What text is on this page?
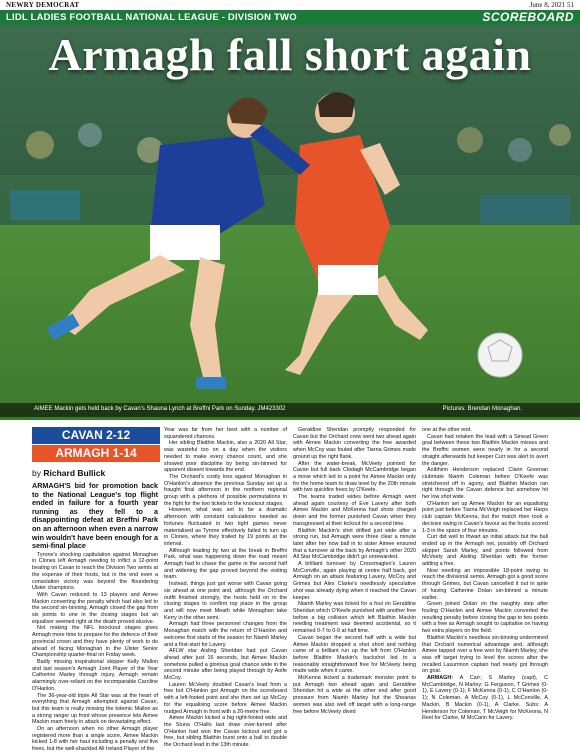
NEWRY DEMOCRAT	June 8, 2021 51
LIDL LADIES FOOTBALL NATIONAL LEAGUE - DIVISION TWO	SCOREBOARD
Armagh fall short again
AIMEE Mackin gets held back by Cavan's Shauna Lynch at Breffni Park on Sunday. JM423302	Pictures: Brendan Monaghan.
CAVAN 2-12
ARMAGH 1-14
by Richard Bullick

ARMAGH'S bid for promotion back to the National League's top flight ended in failure for a fourth year running as they fell to a disappointing defeat at Breffni Park on an afternoon when even a narrow win wouldn't have been enough for a semi-final place

Tyrone's shocking capitulation against Monaghan in Clones left Armagh needing to inflict a 12-point beating on Cavan to reach the Division Two semis at the expense of their hosts, but in the end even a consolation victory was beyond the floundering Ulster champions.

With Cavan reduced to 13 players and Aimee Mackin converting the penalty which had also led to the second sin-binning, Armagh closed the gap from six points to one in the closing stages but an equaliser seemed right at the death proved elusive.

Not making the NFL knockout stages gives Armagh more time to prepare for the defence of their provincial crown and they have plenty of work to do ahead of facing Monaghan in the Ulster Senior Championship quarter-final on Friday week.

Badly missing inspirational skipper Kelly Mallon and last season's Armagh Joint Player of the Year Catherine Marley through injury, Armagh remain alarmingly over-reliant on the incomparable Caroline O'Hanlon.

The 36-year-old triple All Star was at the heart of everything that Armagh attempted against Cavan, but this team is really missing the totemic Mallon as a strong ranger up front whose presence lets Aimee Mackin roam freely in attack on devastating effect.

On an afternoon when no other Armagh player registered more than a single score, Aimee Mackin kicked 1-8 with her haul including a penalty and five frees, but the well-shackled All Ireland Player of the

Year was far from her best with a number of squandered chances.

Her sibling Blaithin Mackin, also a 2020 All Star, was wasteful too on a day when the visitors needed to make every chance count, and she showed poor discipline by being sin-binned for apparent dissent towards the end.

The Orchard's costly loss against Monaghan in O'Hanlon's absence the previous Sunday set up a fraught final afternoon in the northern regional group with a plethora of possible permutations in the fight for the two tickets to the knockout stages.

However, what was set to be a dramatic afternoon with constant calculations needed as fortunes fluctuated in two tight games never materialised as Tyrone effectively failed to turn up in Clones, where they trailed by 19 points at the interval.

Although leading by two at the break in Breffni Park, what was happening down the road meant Armagh had to chase the game in the second half and widening the gap proved beyond the visiting team.

Instead, things just got worse with Cavan going six ahead at one point and, although the Orchard outfit finished strongly, the hosts held on in the closing stages to confirm top place in the group and will now meet Meath while Monaghan take Kerry in the other semi.

Armagh had three personnel changes from the Monaghan match with the return of O'Hanlon and welcome first starts of the season for Niamh Marley and a first-start for Lavery.

AFLW star Aisling Sheridan had put Cavan ahead after just 16 seconds, but Aimee Mackin somehow pulled a glorious goal chance wide in the second minute after being played through by Aoife McCoy.

Lauren McVeety doubled Cavan's lead from a free but O'Hanlon got Armagh on the scoreboard with a left-footed point and she then set up McCoy for the equalising score before Aimee Mackin nudged Armagh in front with a 20-metre free.

Aimee Mackin kicked a big right-footed wide and the Stuna O'Hallo last draw over-turned after O'Hanlon had won the Cavan kickout and got a free, but sibling Blaithin burst onto a ball to double the Orchard lead in the 13th minute.

Geraldine Sheridan promptly responded for Cavan but the Orchard crew went two ahead again with Aimee Mackin converting the free awarded when McCoy was fouled after Tiarna Grimes made ground up the right flank.

After the water-break, McVeety pointed for Cavan but full back Clodagh McCambridge began a move which led to a point for Aimee Mackin only for the home team to draw level by the 20th minute with two quickfire frees by O'Keefe.

The teams traded wides before Armagh went ahead again courtesy of Eve Lavery after both Aimee Mackin and McKenna had shots charged down and the former punished Cavan when they transgressed at their kickout for a second time.

Blaithin Mackin's shot drifted just wide after a strong run, but Armagh were three clear a minute later after her now ball in to sister Aimee ensured that a turnover at the back by Armagh's other 2020 All Star McCambridge didn't go unrewarded.

A brilliant turnover by Crossmaglen's Lauren McConville, again playing at centre half back, got Armagh on an attack featuring Lavery, McCoy and Grimes but Alex Clarke's needlessly speculative shot was already dying when it reached the Cavan keeper.

Niamh Marley was ticked for a foul on Geraldine Sheridan which O'Keefe punished with another free before a big collision which left Blaithin Mackin needing treatment was deemed accidental, so it remained 0-7 to 0-9 at half time.

Cavan began the second half with a wide but Aimee Mackin dropped a shot short and nothing came of a brilliant run up the left from O'Hanlon before Blaithin Mackin's backshot led to a reasonably straightforward free for McVeety being made wide when it came.

McKenna kicked a trademark monster point to put Armagh two ahead again and Geraldine Sheridan hit a wide at the other end after good pressure from Niamh Marley but the Sheanas women was also well off target with a long-range free before McVeety dived

one at the other end.

Cavan had retaken the lead with a Sinead Green goal between these two Blaithin Mackin misses and the Breffni women were nearly in for a second straight afterwards but keeper Curr was alert to avert the danger.

Aoibhinn Henderson replaced Clann Greenan clubmate Niamh Coleman before O'Keefe was stretchered off in agony, and Blaithin Mackin ran right through the Cavan defence but somehow hit her low shot wide.

O'Hanlon set up Aimee Mackin for an equalising point just before Tiarna McVeigh replaced her Harps club captain McKenna, but the match then took a decisive swing in Cavan's favour as the hosts scored 1-3 in the space of four minutes.

Curr did well to thwart an initial attack but the ball ended up in the Armagh net, possibly off Orchard skipper Sarah Marley, and points followed from McVeety and Aisling Sheridan with the former adding a free.

Now needing an impossible 18-point swing to reach the divisional semis, Armagh got a good score through Grimes, but Cavan cancelled it out in spite of having Catherine Dolan sin-binned a minute earlier.

Green joined Dolan on the naughty step after fouling O'Hanlon and Aimee Mackin converted the resulting penalty before closing the gap to two points with a free as Armagh sought to capitalise on having two extra players on the field.

Blaithin Mackin's needless sin-binning undermined that Orchard numerical advantage and, although Aimee tapped over a free won by Niamh Marley, she was off target trying to level the scores after the recalled Lasumnon captain had nearly got through on goal.

ARMAGH: A Carr; S Marley (capt), C McCambridge, N Marley; G Ferguson, T Grimes (0-1), E Lavery (0-1); F McKenna (0-1), C O'Hanlon (0-1); N Coleman, A McCoy (0-1), L McConville, A Mackin, B Mackin (0-1), A Clarke. Subs: A Henderson for Coleman, T McVeigh for McKenna, N Reel for Clarke, M McCann for Lavery.
